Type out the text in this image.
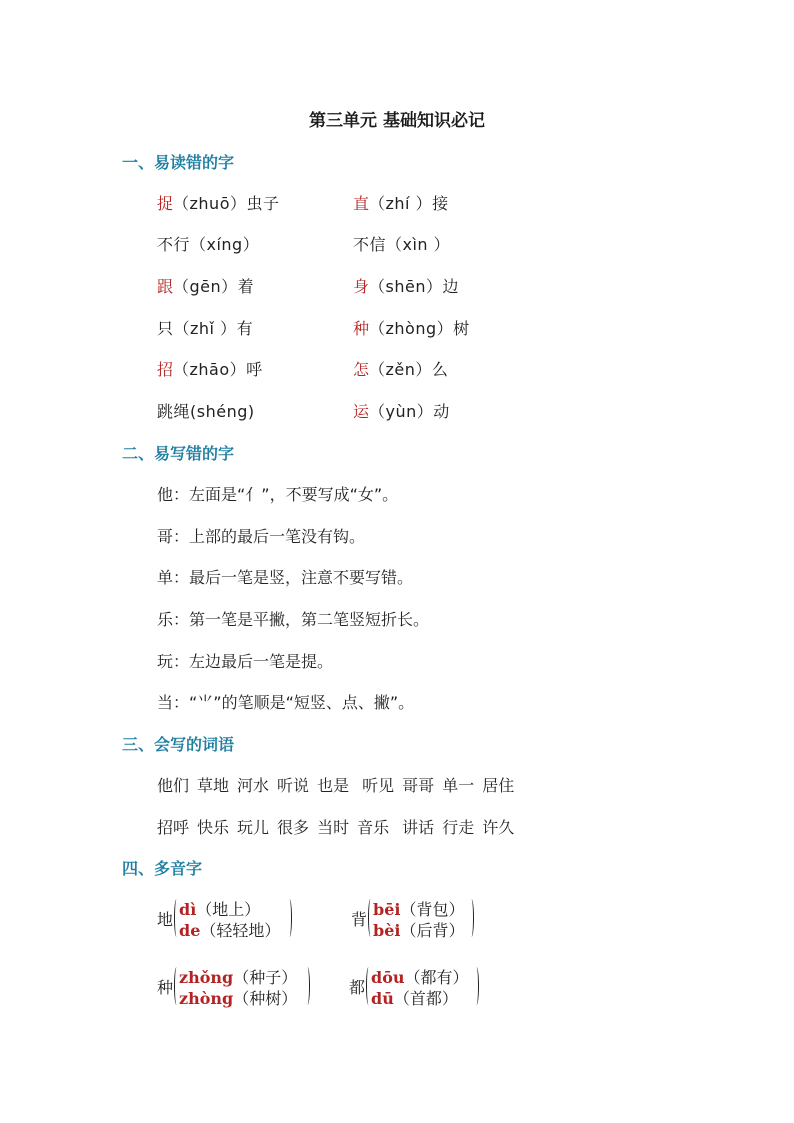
第三单元 基础知识必记
一、易读错的字
捉（zhuō）虫子	直（zhí ）接
不行（xíng）	不信（xìn ）
跟（gēn）着	身（shēn）边
只（zhǐ ）有	种（zhòng）树
招（zhāo）呼	怎（zěn）么
跳绳(shéng)	运（yùn）动
二、易写错的字
他：左面是“亻”，不要写成“女”。
哥：上部的最后一笔没有钩。
单：最后一笔是竖，注意不要写错。
乐：第一笔是平撇，第二笔竖短折长。
玩：左边最后一笔是提。
当：“⺌”的笔顺是“短竖、点、撇”。
三、会写的词语
他们 草地 河水 听说 也是 听见 哥哥 单一 居住
招呼 快乐 玩儿 很多 当时 音乐 讲话 行走 许久
四、多音字
地
dì（地上）
de（轻轻地）
背
bēi（背包）
bèi（后背）
种
zhǒng（种子）
zhòng（种树）
都
dōu（都有）
dū（首都）
